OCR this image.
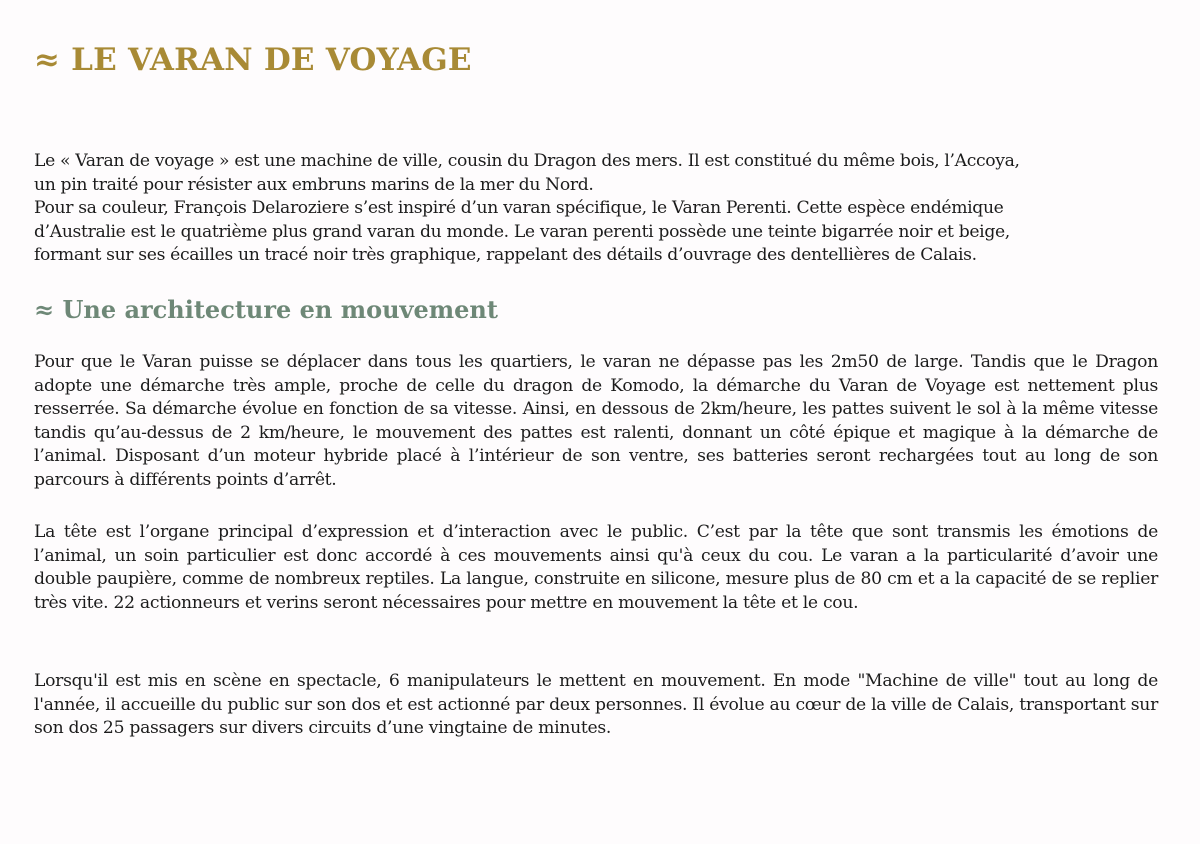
≈ LE VARAN DE VOYAGE

Le « Varan de voyage » est une machine de ville, cousin du Dragon des mers. Il est constitué du même bois, l’Accoya,
un pin traité pour résister aux embruns marins de la mer du Nord.
Pour sa couleur, François Delaroziere s’est inspiré d’un varan spécifique, le Varan Perenti. Cette espèce endémique
d’Australie est le quatrième plus grand varan du monde. Le varan perenti possède une teinte bigarrée noir et beige,
formant sur ses écailles un tracé noir très graphique, rappelant des détails d’ouvrage des dentellières de Calais.

≈ Une architecture en mouvement

Pour que le Varan puisse se déplacer dans tous les quartiers, le varan ne dépasse pas les 2m50 de large. Tandis que le Dragon adopte une démarche très ample, proche de celle du dragon de Komodo, la démarche du Varan de Voyage est nettement plus resserrée. Sa démarche évolue en fonction de sa vitesse. Ainsi, en dessous de 2km/heure, les pattes suivent le sol à la même vitesse tandis qu’au-dessus de 2 km/heure, le mouvement des pattes est ralenti, donnant un côté épique et magique à la démarche de l’animal. Disposant d’un moteur hybride placé à l’intérieur de son ventre, ses batteries seront rechargées tout au long de son parcours à différents points d’arrêt.

La tête est l’organe principal d’expression et d’interaction avec le public. C’est par la tête que sont transmis les émotions de l’animal, un soin particulier est donc accordé à ces mouvements ainsi qu'à ceux du cou. Le varan a la particularité d’avoir une double paupière, comme de nombreux reptiles. La langue, construite en silicone, mesure plus de 80 cm et a la capacité de se replier très vite. 22 actionneurs et verins seront nécessaires pour mettre en mouvement la tête et le cou.

Lorsqu'il est mis en scène en spectacle, 6 manipulateurs le mettent en mouvement. En mode "Machine de ville" tout au long de l'année, il accueille du public sur son dos et est actionné par deux personnes. Il évolue au cœur de la ville de Calais, transportant sur son dos 25 passagers sur divers circuits d’une vingtaine de minutes.
